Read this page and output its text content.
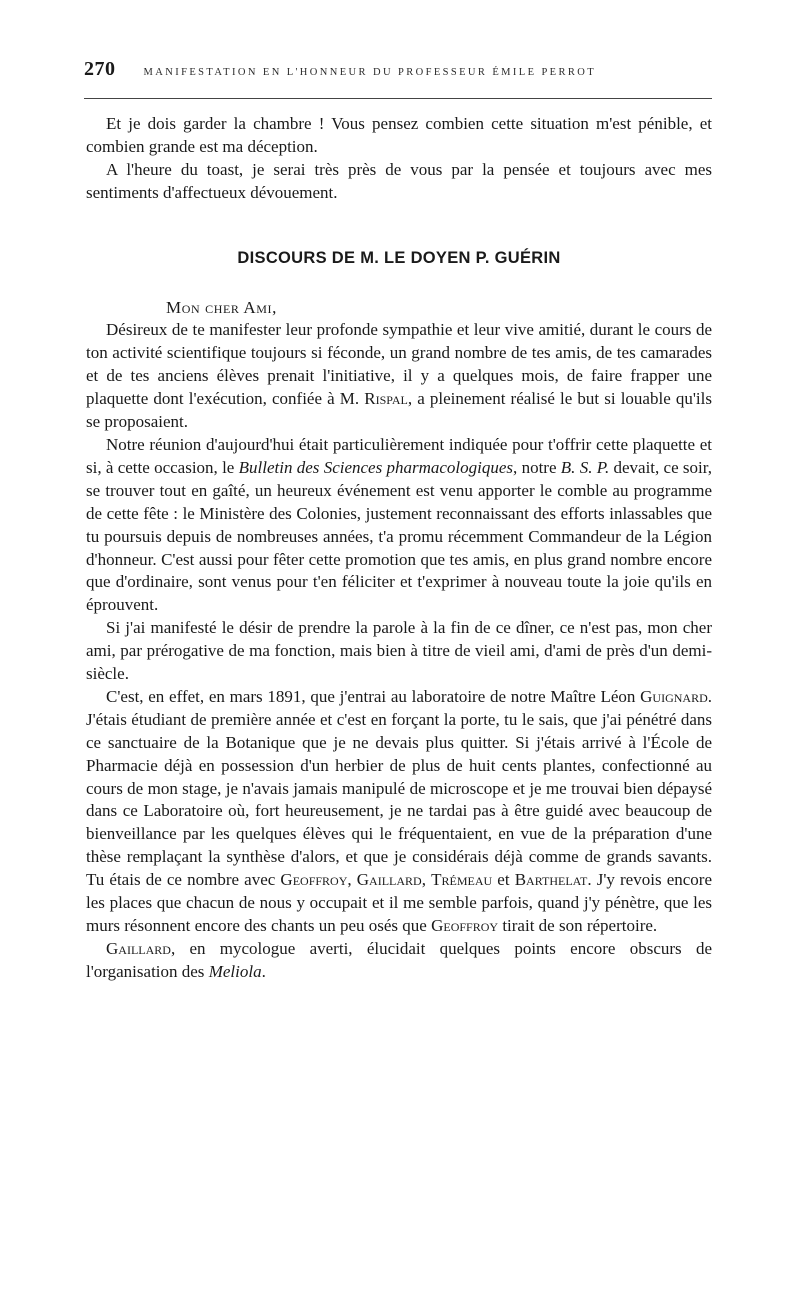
270	MANIFESTATION EN L'HONNEUR DU PROFESSEUR ÉMILE PERROT

Et je dois garder la chambre ! Vous pensez combien cette situation m'est pénible, et combien grande est ma déception.

A l'heure du toast, je serai très près de vous par la pensée et toujours avec mes sentiments d'affectueux dévouement.

DISCOURS DE M. LE DOYEN P. GUÉRIN

Mon cher Ami,

Désireux de te manifester leur profonde sympathie et leur vive amitié, durant le cours de ton activité scientifique toujours si féconde, un grand nombre de tes amis, de tes camarades et de tes anciens élèves prenait l'initiative, il y a quelques mois, de faire frapper une plaquette dont l'exécution, confiée à M. Rispal, a pleinement réalisé le but si louable qu'ils se proposaient.

Notre réunion d'aujourd'hui était particulièrement indiquée pour t'offrir cette plaquette et si, à cette occasion, le Bulletin des Sciences pharmacologiques, notre B. S. P. devait, ce soir, se trouver tout en gaîté, un heureux événement est venu apporter le comble au programme de cette fête : le Ministère des Colonies, justement reconnaissant des efforts inlassables que tu poursuis depuis de nombreuses années, t'a promu récemment Commandeur de la Légion d'honneur. C'est aussi pour fêter cette promotion que tes amis, en plus grand nombre encore que d'ordinaire, sont venus pour t'en féliciter et t'exprimer à nouveau toute la joie qu'ils en éprouvent.

Si j'ai manifesté le désir de prendre la parole à la fin de ce dîner, ce n'est pas, mon cher ami, par prérogative de ma fonction, mais bien à titre de vieil ami, d'ami de près d'un demi-siècle.

C'est, en effet, en mars 1891, que j'entrai au laboratoire de notre Maître Léon Guignard. J'étais étudiant de première année et c'est en forçant la porte, tu le sais, que j'ai pénétré dans ce sanctuaire de la Botanique que je ne devais plus quitter. Si j'étais arrivé à l'École de Pharmacie déjà en possession d'un herbier de plus de huit cents plantes, confectionné au cours de mon stage, je n'avais jamais manipulé de microscope et je me trouvai bien dépaysé dans ce Laboratoire où, fort heureusement, je ne tardai pas à être guidé avec beaucoup de bienveillance par les quelques élèves qui le fréquentaient, en vue de la préparation d'une thèse remplaçant la synthèse d'alors, et que je considérais déjà comme de grands savants. Tu étais de ce nombre avec Geoffroy, Gaillard, Trémeau et Barthelat. J'y revois encore les places que chacun de nous y occupait et il me semble parfois, quand j'y pénètre, que les murs résonnent encore des chants un peu osés que Geoffroy tirait de son répertoire.

Gaillard, en mycologue averti, élucidait quelques points encore obscurs de l'organisation des Meliola.
